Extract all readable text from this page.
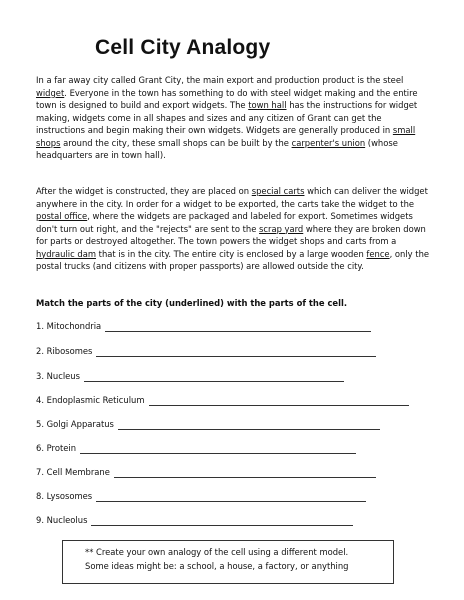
Cell City Analogy

In a far away city called Grant City, the main export and production product is the steel widget. Everyone in the town has something to do with steel widget making and the entire town is designed to build and export widgets. The town hall has the instructions for widget making, widgets come in all shapes and sizes and any citizen of Grant can get the instructions and begin making their own widgets. Widgets are generally produced in small shops around the city, these small shops can be built by the carpenter's union (whose headquarters are in town hall).

After the widget is constructed, they are placed on special carts which can deliver the widget anywhere in the city. In order for a widget to be exported, the carts take the widget to the postal office, where the widgets are packaged and labeled for export. Sometimes widgets don't turn out right, and the "rejects" are sent to the scrap yard where they are broken down for parts or destroyed altogether. The town powers the widget shops and carts from a hydraulic dam that is in the city. The entire city is enclosed by a large wooden fence, only the postal trucks (and citizens with proper passports) are allowed outside the city.

Match the parts of the city (underlined) with the parts of the cell.

1. Mitochondria
2. Ribosomes
3. Nucleus
4. Endoplasmic Reticulum
5. Golgi Apparatus
6. Protein
7. Cell Membrane
8. Lysosomes
9. Nucleolus

** Create your own analogy of the cell using a different model.

Some ideas might be: a school, a house, a factory, or anything
